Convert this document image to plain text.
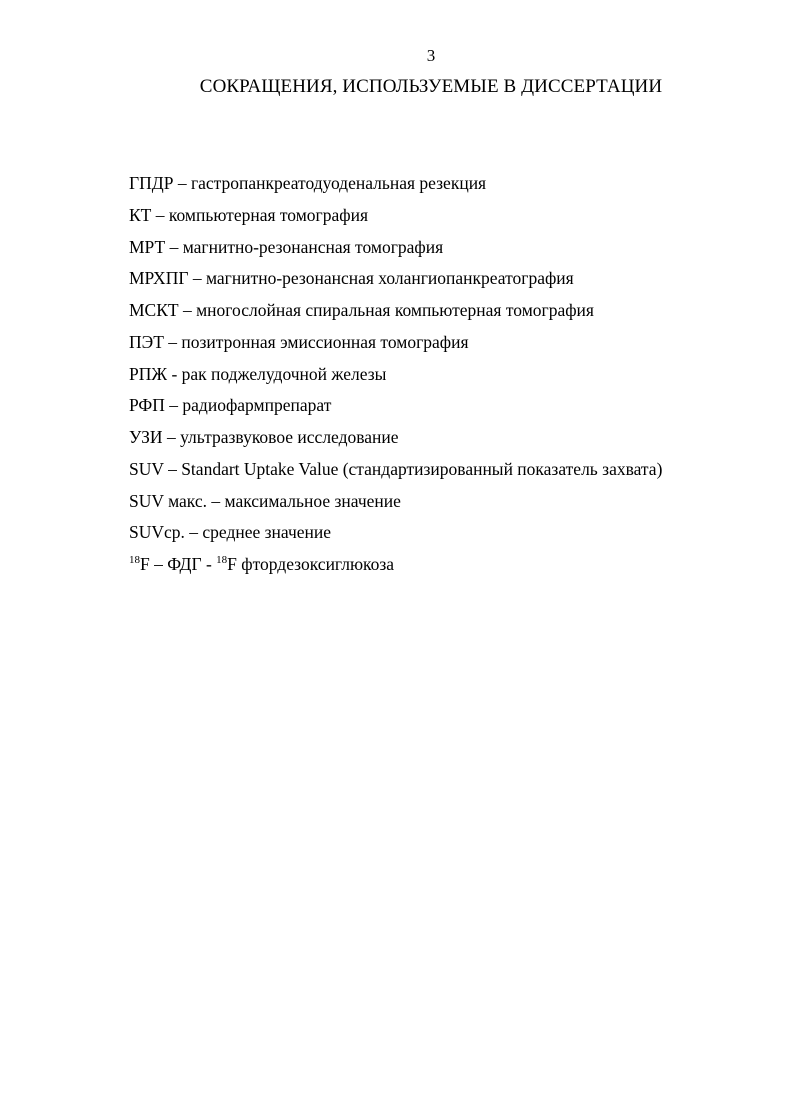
3
СОКРАЩЕНИЯ, ИСПОЛЬЗУЕМЫЕ В ДИССЕРТАЦИИ
ГПДР – гастропанкреатодуоденальная резекция
КТ – компьютерная томография
МРТ – магнитно-резонансная томография
МРХПГ – магнитно-резонансная холангиопанкреатография
МСКТ – многослойная спиральная компьютерная томография
ПЭТ – позитронная эмиссионная томография
РПЖ - рак поджелудочной железы
РФП – радиофармпрепарат
УЗИ – ультразвуковое исследование
SUV – Standart Uptake Value (стандартизированный показатель захвата)
SUV макс. – максимальное значение
SUVср. – среднее значение
$^{18}$F – ФДГ - $^{18}$F фтордезоксиглюкоза
